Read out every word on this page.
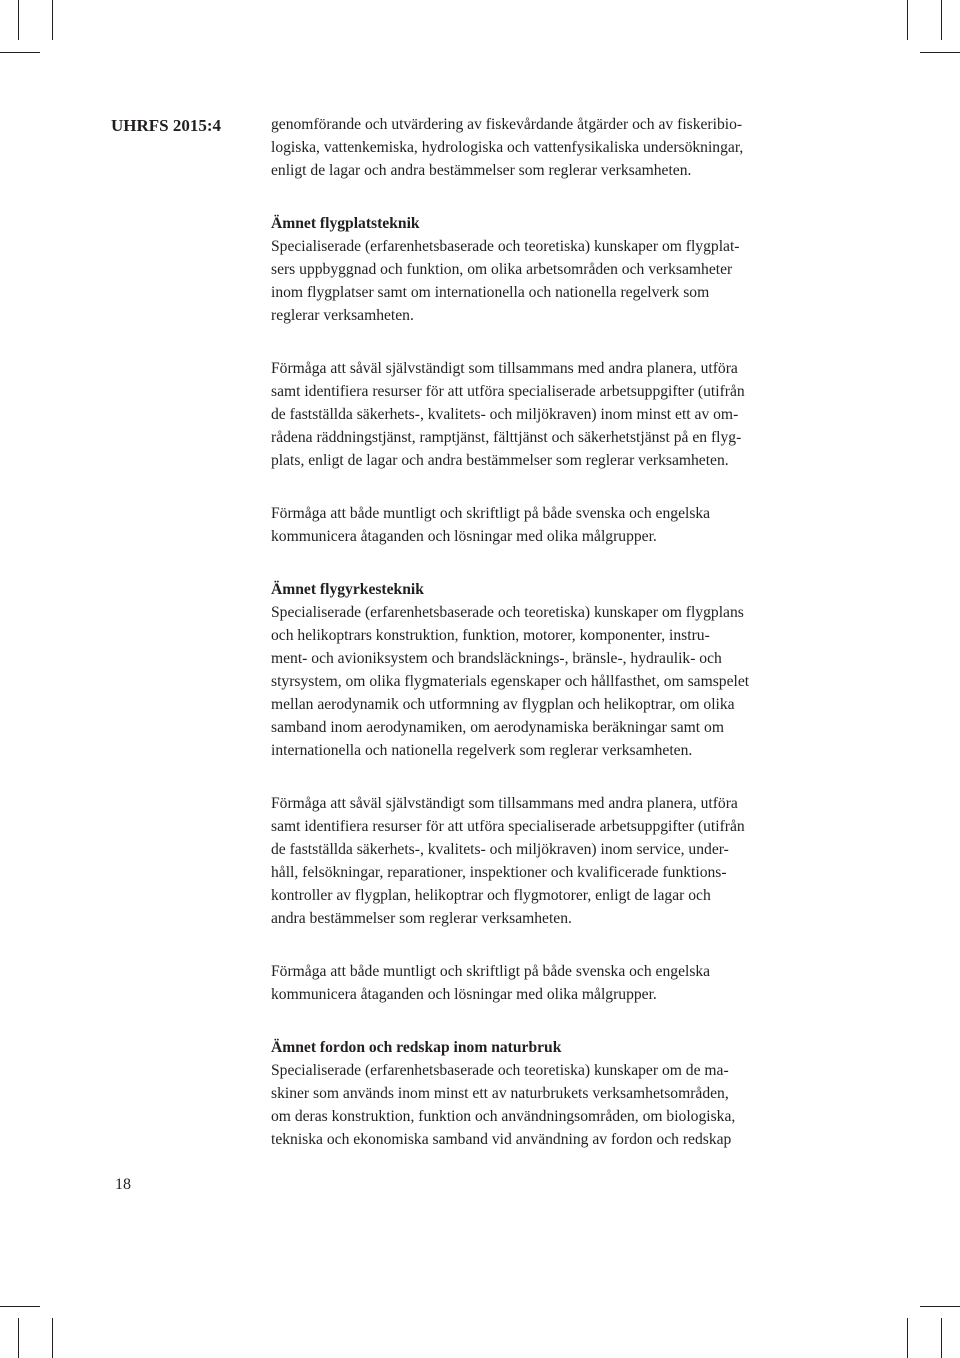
UHRFS 2015:4	genomförande och utvärdering av fiskevårdande åtgärder och av fiskeribio-
logiska, vattenkemiska, hydrologiska och vattenfysikaliska undersökningar,
enligt de lagar och andra bestämmelser som reglerar verksamheten.
Ämnet flygplatsteknik
Specialiserade (erfarenhetsbaserade och teoretiska) kunskaper om flygplat-
sers uppbyggnad och funktion, om olika arbetsområden och verksamheter
inom flygplatser samt om internationella och nationella regelverk som
reglerar verksamheten.
Förmåga att såväl självständigt som tillsammans med andra planera, utföra
samt identifiera resurser för att utföra specialiserade arbetsuppgifter (utifrån
de fastställda säkerhets-, kvalitets- och miljökraven) inom minst ett av om-
rådena räddningstjänst, ramptjänst, fälttjänst och säkerhetstjänst på en flyg-
plats, enligt de lagar och andra bestämmelser som reglerar verksamheten.
Förmåga att både muntligt och skriftligt på både svenska och engelska
kommunicera åtaganden och lösningar med olika målgrupper.
Ämnet flygyrkesteknik
Specialiserade (erfarenhetsbaserade och teoretiska) kunskaper om flygplans
och helikoptrars konstruktion, funktion, motorer, komponenter, instru-
ment- och avioniksystem och brandsläcknings-, bränsle-, hydraulik- och
styrsystem, om olika flygmaterials egenskaper och hållfasthet, om samspelet
mellan aerodynamik och utformning av flygplan och helikoptrar, om olika
samband inom aerodynamiken, om aerodynamiska beräkningar samt om
internationella och nationella regelverk som reglerar verksamheten.
Förmåga att såväl självständigt som tillsammans med andra planera, utföra
samt identifiera resurser för att utföra specialiserade arbetsuppgifter (utifrån
de fastställda säkerhets-, kvalitets- och miljökraven) inom service, under-
håll, felsökningar, reparationer, inspektioner och kvalificerade funktions-
kontroller av flygplan, helikoptrar och flygmotorer, enligt de lagar och
andra bestämmelser som reglerar verksamheten.
Förmåga att både muntligt och skriftligt på både svenska och engelska
kommunicera åtaganden och lösningar med olika målgrupper.
Ämnet fordon och redskap inom naturbruk
Specialiserade (erfarenhetsbaserade och teoretiska) kunskaper om de ma-
skiner som används inom minst ett av naturbrukets verksamhetsområden,
om deras konstruktion, funktion och användningsområden, om biologiska,
tekniska och ekonomiska samband vid användning av fordon och redskap
18
